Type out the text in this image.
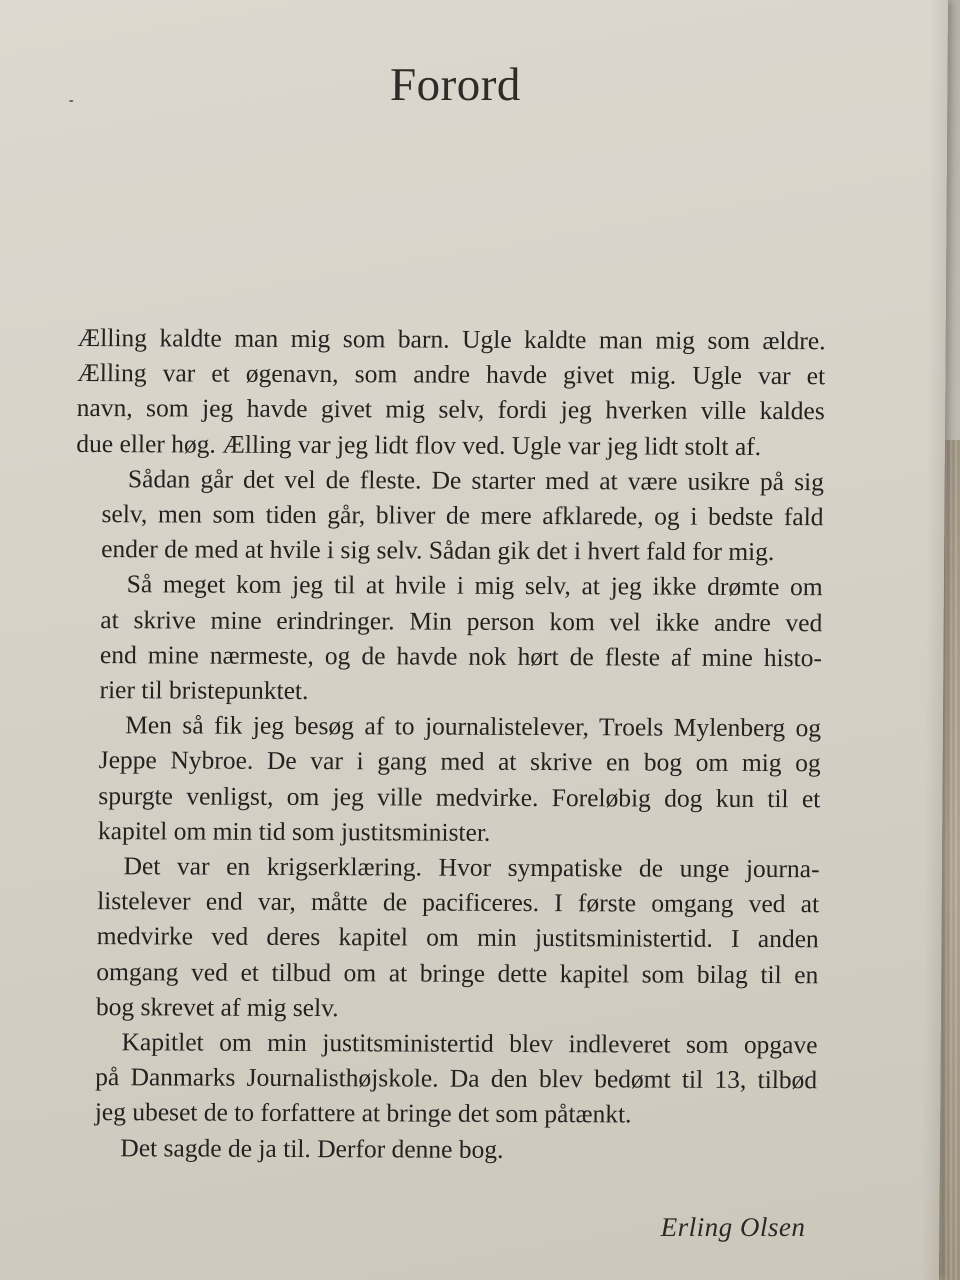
Forord

Ælling kaldte man mig som barn. Ugle kaldte man mig som ældre.
Ælling var et øgenavn, som andre havde givet mig. Ugle var et
navn, som jeg havde givet mig selv, fordi jeg hverken ville kaldes
due eller høg. Ælling var jeg lidt flov ved. Ugle var jeg lidt stolt af.

Sådan går det vel de fleste. De starter med at være usikre på sig
selv, men som tiden går, bliver de mere afklarede, og i bedste fald
ender de med at hvile i sig selv. Sådan gik det i hvert fald for mig.

Så meget kom jeg til at hvile i mig selv, at jeg ikke drømte om
at skrive mine erindringer. Min person kom vel ikke andre ved
end mine nærmeste, og de havde nok hørt de fleste af mine histo-
rier til bristepunktet.

Men så fik jeg besøg af to journalistelever, Troels Mylenberg og
Jeppe Nybroe. De var i gang med at skrive en bog om mig og
spurgte venligst, om jeg ville medvirke. Foreløbig dog kun til et
kapitel om min tid som justitsminister.

Det var en krigserklæring. Hvor sympatiske de unge journa-
listelever end var, måtte de pacificeres. I første omgang ved at
medvirke ved deres kapitel om min justitsministertid. I anden
omgang ved et tilbud om at bringe dette kapitel som bilag til en
bog skrevet af mig selv.

Kapitlet om min justitsministertid blev indleveret som opgave
på Danmarks Journalisthøjskole. Da den blev bedømt til 13, tilbød
jeg ubeset de to forfattere at bringe det som påtænkt.

Det sagde de ja til. Derfor denne bog.

Erling Olsen
